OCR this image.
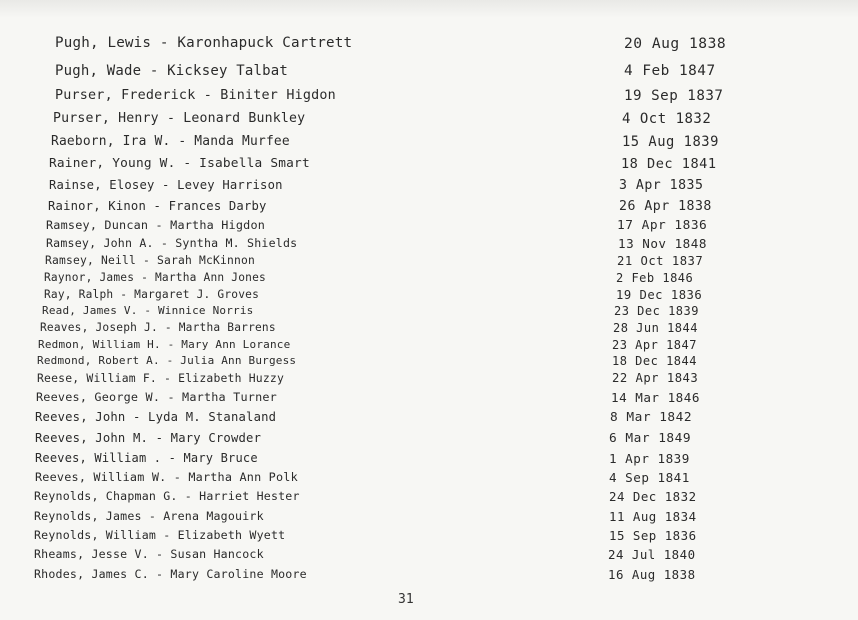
Pugh, Lewis - Karonhapuck Cartrett	20 Aug 1838
Pugh, Wade - Kicksey Talbat	4 Feb 1847
Purser, Frederick - Biniter Higdon	19 Sep 1837
Purser, Henry - Leonard Bunkley	4 Oct 1832
Raeborn, Ira W. - Manda Murfee	15 Aug 1839
Rainer, Young W. - Isabella Smart	18 Dec 1841
Rainse, Elosey - Levey Harrison	3 Apr 1835
Rainor, Kinon - Frances Darby	26 Apr 1838
Ramsey, Duncan - Martha Higdon	17 Apr 1836
Ramsey, John A. - Syntha M. Shields	13 Nov 1848
Ramsey, Neill - Sarah McKinnon	21 Oct 1837
Raynor, James - Martha Ann Jones	2 Feb 1846
Ray, Ralph - Margaret J. Groves	19 Dec 1836
Read, James V. - Winnice Norris	23 Dec 1839
Reaves, Joseph J. - Martha Barrens	28 Jun 1844
Redmon, William H. - Mary Ann Lorance	23 Apr 1847
Redmond, Robert A. - Julia Ann Burgess	18 Dec 1844
Reese, William F. - Elizabeth Huzzy	22 Apr 1843
Reeves, George W. - Martha Turner	14 Mar 1846
Reeves, John - Lyda M. Stanaland	8 Mar 1842
Reeves, John M. - Mary Crowder	6 Mar 1849
Reeves, William . - Mary Bruce	1 Apr 1839
Reeves, William W. - Martha Ann Polk	4 Sep 1841
Reynolds, Chapman G. - Harriet Hester	24 Dec 1832
Reynolds, James - Arena Magouirk	11 Aug 1834
Reynolds, William - Elizabeth Wyett	15 Sep 1836
Rheams, Jesse V. - Susan Hancock	24 Jul 1840
Rhodes, James C. - Mary Caroline Moore	16 Aug 1838
31
